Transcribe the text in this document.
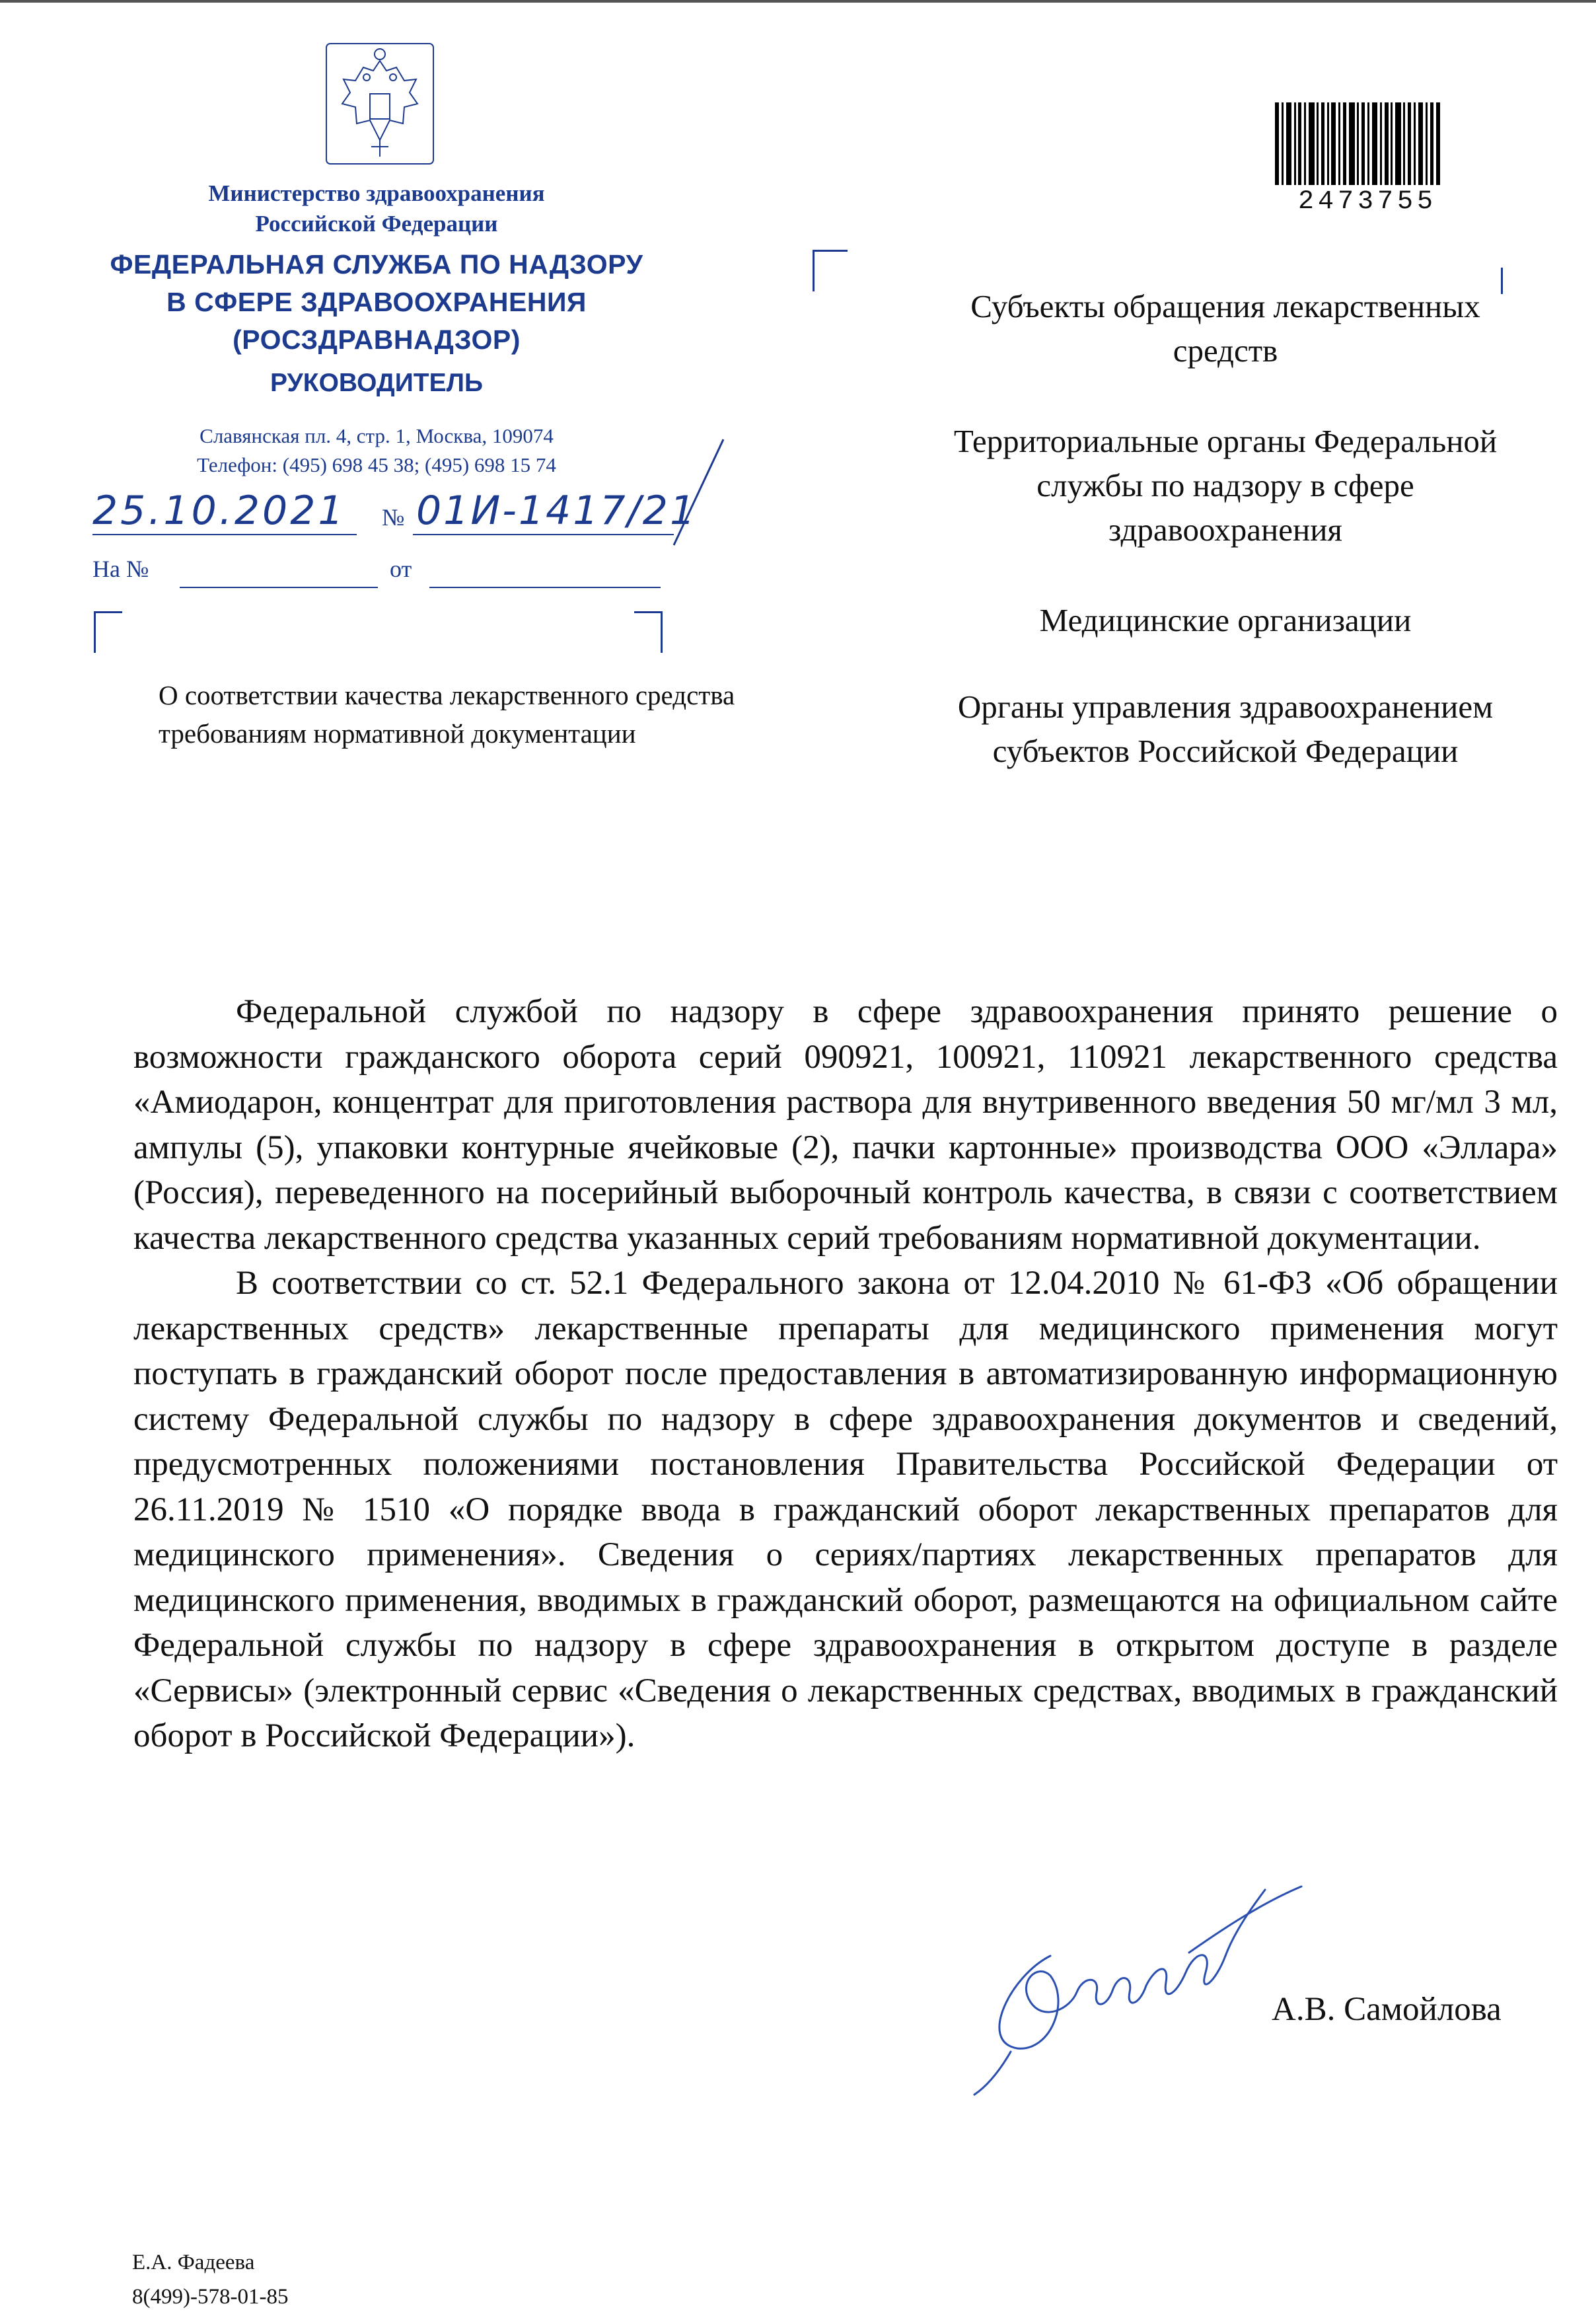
Министерство здравоохранения
Российской Федерации
ФЕДЕРАЛЬНАЯ СЛУЖБА ПО НАДЗОРУ
В СФЕРЕ ЗДРАВООХРАНЕНИЯ
(РОСЗДРАВНАДЗОР)
РУКОВОДИТЕЛЬ
Славянская пл. 4, стр. 1, Москва, 109074
Телефон: (495) 698 45 38; (495) 698 15 74
25.10.2021 № 01И-1417/21
На №	от
2473755
Субъекты обращения лекарственных средств
Территориальные органы Федеральной службы по надзору в сфере здравоохранения
Медицинские организации
Органы управления здравоохранением субъектов Российской Федерации
О соответствии качества лекарственного средства требованиям нормативной документации

Федеральной службой по надзору в сфере здравоохранения принято решение о возможности гражданского оборота серий 090921, 100921, 110921 лекарственного средства «Амиодарон, концентрат для приготовления раствора для внутривенного введения 50 мг/мл 3 мл, ампулы (5), упаковки контурные ячейковые (2), пачки картонные» производства ООО «Эллара» (Россия), переведенного на посерийный выборочный контроль качества, в связи с соответствием качества лекарственного средства указанных серий требованиям нормативной документации.

В соответствии со ст. 52.1 Федерального закона от 12.04.2010 № 61-ФЗ «Об обращении лекарственных средств» лекарственные препараты для медицинского применения могут поступать в гражданский оборот после предоставления в автоматизированную информационную систему Федеральной службы по надзору в сфере здравоохранения документов и сведений, предусмотренных положениями постановления Правительства Российской Федерации от 26.11.2019 № 1510 «О порядке ввода в гражданский оборот лекарственных препаратов для медицинского применения». Сведения о сериях/партиях лекарственных препаратов для медицинского применения, вводимых в гражданский оборот, размещаются на официальном сайте Федеральной службы по надзору в сфере здравоохранения в открытом доступе в разделе «Сервисы» (электронный сервис «Сведения о лекарственных средствах, вводимых в гражданский оборот в Российской Федерации»).

А.В. Самойлова
Е.А. Фадеева
8(499)-578-01-85
